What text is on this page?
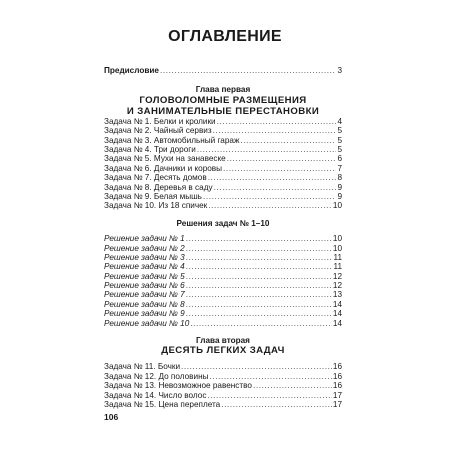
ОГЛАВЛЕНИЕ
Предисловие .....	3
Глава первая
ГОЛОВОЛОМНЫЕ РАЗМЕЩЕНИЯ
И ЗАНИМАТЕЛЬНЫЕ ПЕРЕСТАНОВКИ
Задача № 1. Белки и кролики .....	4
Задача № 2. Чайный сервиз .....	5
Задача № 3. Автомобильный гараж .....	5
Задача № 4. Три дороги .....	5
Задача № 5. Мухи на занавеске .....	6
Задача № 6. Дачники и коровы .....	7
Задача № 7. Десять домов .....	8
Задача № 8. Деревья в саду .....	9
Задача № 9. Белая мышь .....	9
Задача № 10. Из 18 спичек .....	10
Решения задач № 1–10
Решение задачи № 1 .....	10
Решение задачи № 2 .....	10
Решение задачи № 3 .....	11
Решение задачи № 4 .....	11
Решение задачи № 5 .....	12
Решение задачи № 6 .....	12
Решение задачи № 7 .....	13
Решение задачи № 8 .....	14
Решение задачи № 9 .....	14
Решение задачи № 10 .....	14
Глава вторая
ДЕСЯТЬ ЛЕГКИХ ЗАДАЧ
Задача № 11. Бочки .....	16
Задача № 12. До половины .....	16
Задача № 13. Невозможное равенство .....	16
Задача № 14. Число волос .....	17
Задача № 15. Цена переплета .....	17
106
